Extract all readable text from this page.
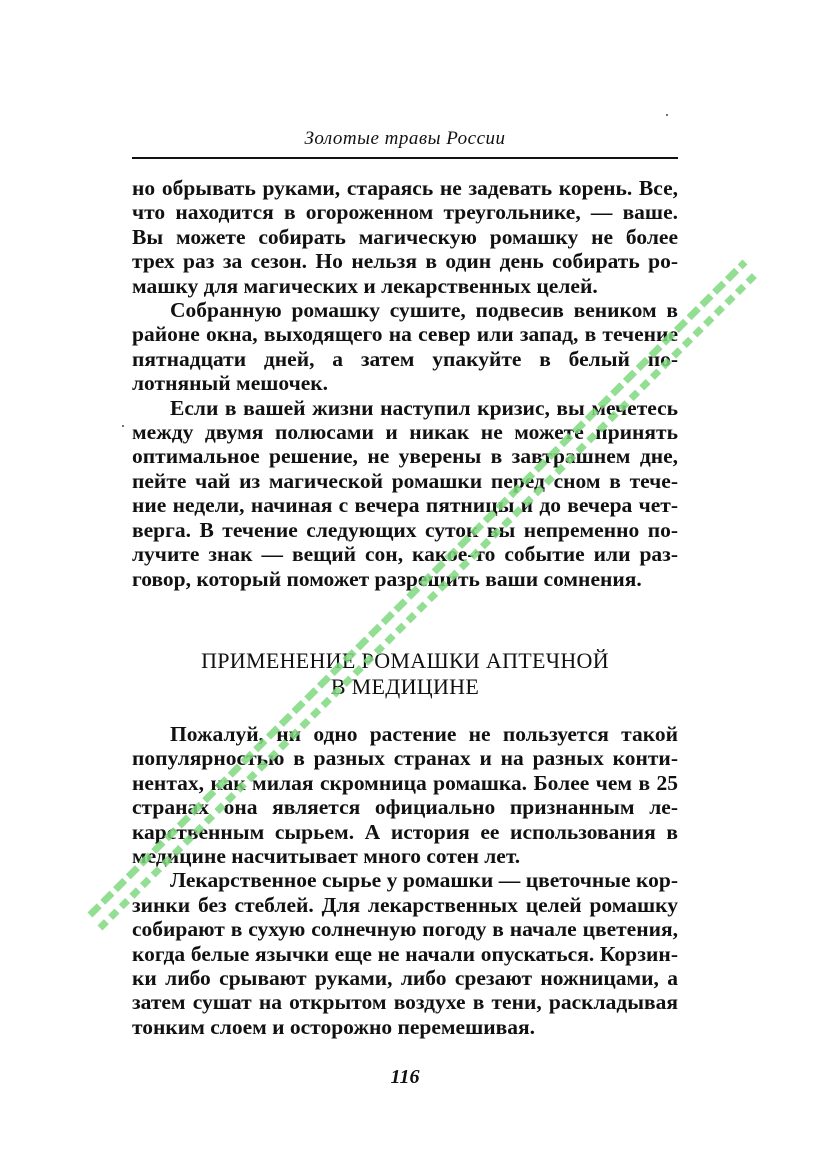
Золотые травы России

но обрывать руками, стараясь не задевать корень. Все, что находится в огороженном треугольнике, — ваше. Вы можете собирать магическую ромашку не более трех раз за сезон. Но нельзя в один день собирать ромашку для магических и лекарственных целей.

Собранную ромашку сушите, подвесив веником в районе окна, выходящего на север или запад, в течение пятнадцати дней, а затем упакуйте в белый полотняный мешочек.

Если в вашей жизни наступил кризис, вы мечетесь между двумя полюсами и никак не можете принять оптимальное решение, не уверены в завтрашнем дне, пейте чай из магической ромашки перед сном в течение недели, начиная с вечера пятницы и до вечера четверга. В течение следующих суток вы непременно получите знак — вещий сон, какое-то событие или разговор, который поможет разрешить ваши сомнения.

ПРИМЕНЕНИЕ РОМАШКИ АПТЕЧНОЙ
В МЕДИЦИНЕ

Пожалуй, ни одно растение не пользуется такой популярностью в разных странах и на разных континентах, как милая скромница ромашка. Более чем в 25 странах она является официально признанным лекарственным сырьем. А история ее использования в медицине насчитывает много сотен лет.

Лекарственное сырье у ромашки — цветочные корзинки без стеблей. Для лекарственных целей ромашку собирают в сухую солнечную погоду в начале цветения, когда белые язычки еще не начали опускаться. Корзинки либо срывают руками, либо срезают ножницами, а затем сушат на открытом воздухе в тени, раскладывая тонким слоем и осторожно перемешивая.

116
